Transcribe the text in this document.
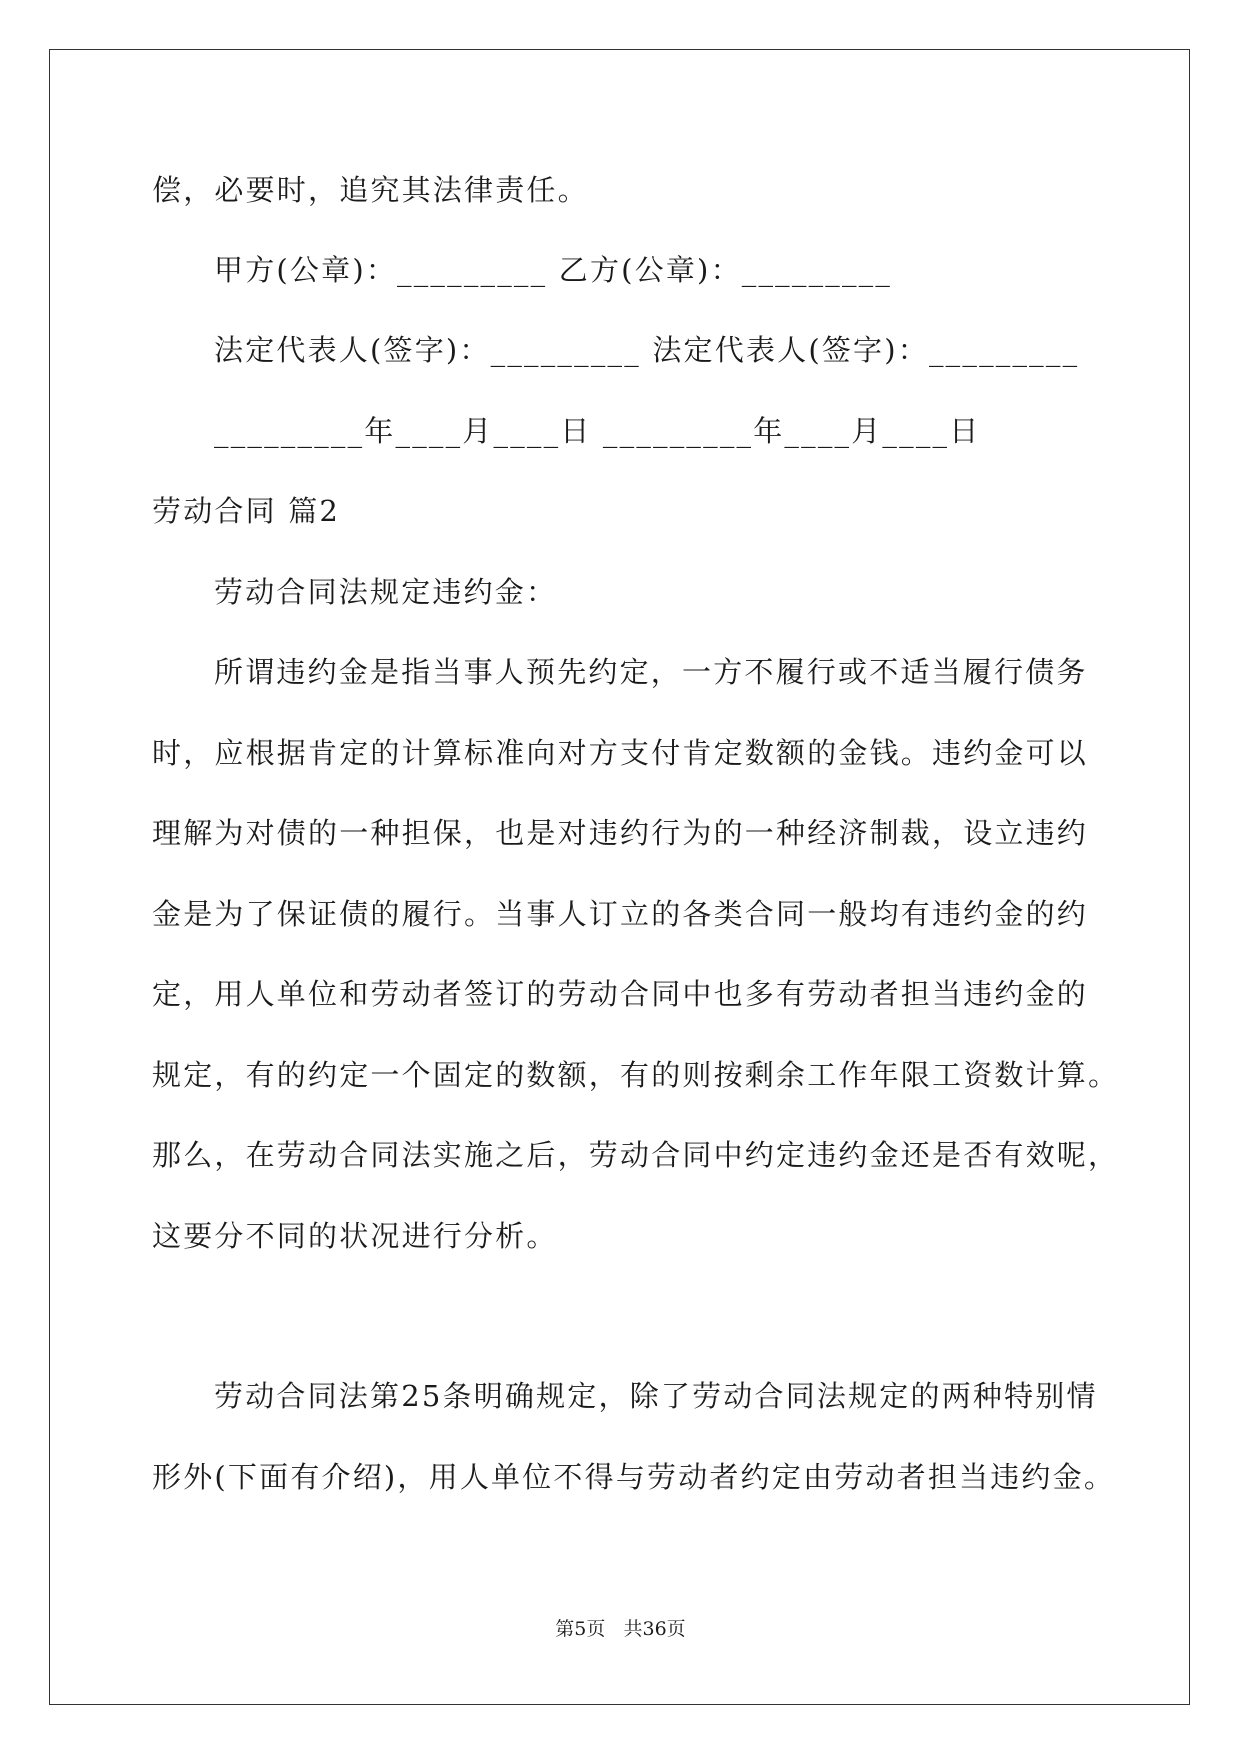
偿，必要时，追究其法律责任。
甲方(公章)：_________ 乙方(公章)：_________
法定代表人(签字)：_________ 法定代表人(签字)：_________
_________年____月____日 _________年____月____日
劳动合同 篇2
劳动合同法规定违约金：
所谓违约金是指当事人预先约定，一方不履行或不适当履行债务
时，应根据肯定的计算标准向对方支付肯定数额的金钱。违约金可以
理解为对债的一种担保，也是对违约行为的一种经济制裁，设立违约
金是为了保证债的履行。当事人订立的各类合同一般均有违约金的约
定，用人单位和劳动者签订的劳动合同中也多有劳动者担当违约金的
规定，有的约定一个固定的数额，有的则按剩余工作年限工资数计算。
那么，在劳动合同法实施之后，劳动合同中约定违约金还是否有效呢，
这要分不同的状况进行分析。
劳动合同法第25条明确规定，除了劳动合同法规定的两种特别情
形外(下面有介绍)，用人单位不得与劳动者约定由劳动者担当违约金。
第5页   共36页
